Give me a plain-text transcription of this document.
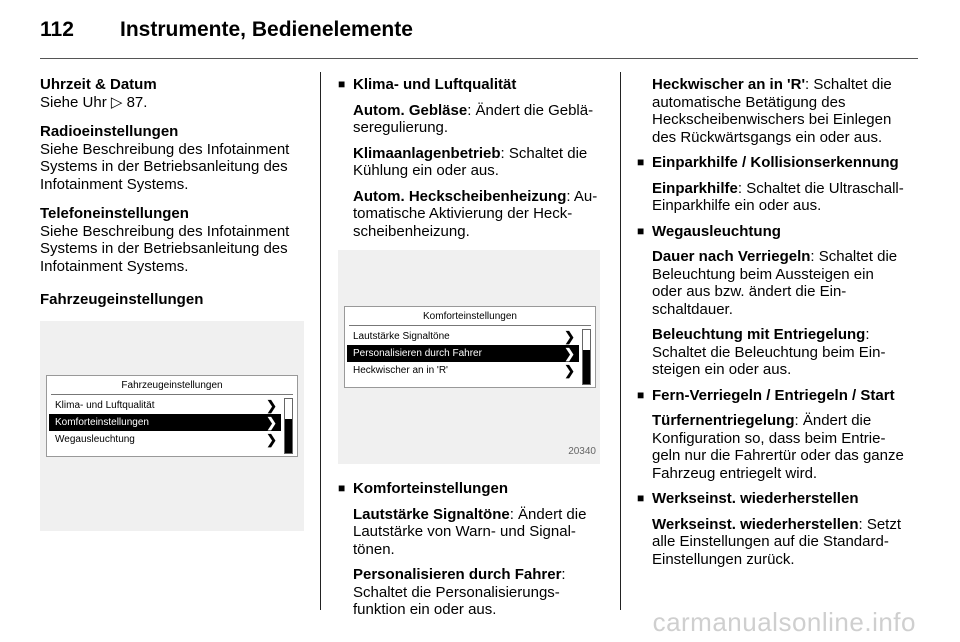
112 Instrumente, Bedienelemente
Uhrzeit & Datum
Siehe Uhr ▷ 87.
Radioeinstellungen
Siehe Beschreibung des Infotainment Systems in der Betriebsanleitung des Infotainment Systems.
Telefoneinstellungen
Siehe Beschreibung des Infotainment Systems in der Betriebsanleitung des Infotainment Systems.
Fahrzeugeinstellungen
Fahrzeugeinstellungen
Klima- und Luftqualität	❯
Komforteinstellungen	❯
Wegausleuchtung	❯
■ Klima- und Luftqualität
Autom. Gebläse: Ändert die Gebläseregulierung.
Klimaanlagenbetrieb: Schaltet die Kühlung ein oder aus.
Autom. Heckscheibenheizung: Automatische Aktivierung der Heckscheibenheizung.
Komforteinstellungen
Lautstärke Signaltöne	❯
Personalisieren durch Fahrer	❯
Heckwischer an in 'R'	❯
20340
■ Komforteinstellungen
Lautstärke Signaltöne: Ändert die Lautstärke von Warn- und Signaltönen.
Personalisieren durch Fahrer: Schaltet die Personalisierungsfunktion ein oder aus.
Heckwischer an in 'R': Schaltet die automatische Betätigung des Heckscheibenwischers bei Einlegen des Rückwärtsgangs ein oder aus.
■ Einparkhilfe / Kollisionserkennung
Einparkhilfe: Schaltet die Ultraschall-Einparkhilfe ein oder aus.
■ Wegausleuchtung
Dauer nach Verriegeln: Schaltet die Beleuchtung beim Aussteigen ein oder aus bzw. ändert die Einschaltdauer.
Beleuchtung mit Entriegelung: Schaltet die Beleuchtung beim Einsteigen ein oder aus.
■ Fern-Verriegeln / Entriegeln / Start
Türfernentriegelung: Ändert die Konfiguration so, dass beim Entriegeln nur die Fahrertür oder das ganze Fahrzeug entriegelt wird.
■ Werkseinst. wiederherstellen
Werkseinst. wiederherstellen: Setzt alle Einstellungen auf die Standard-Einstellungen zurück.
carmanualsonline.info
